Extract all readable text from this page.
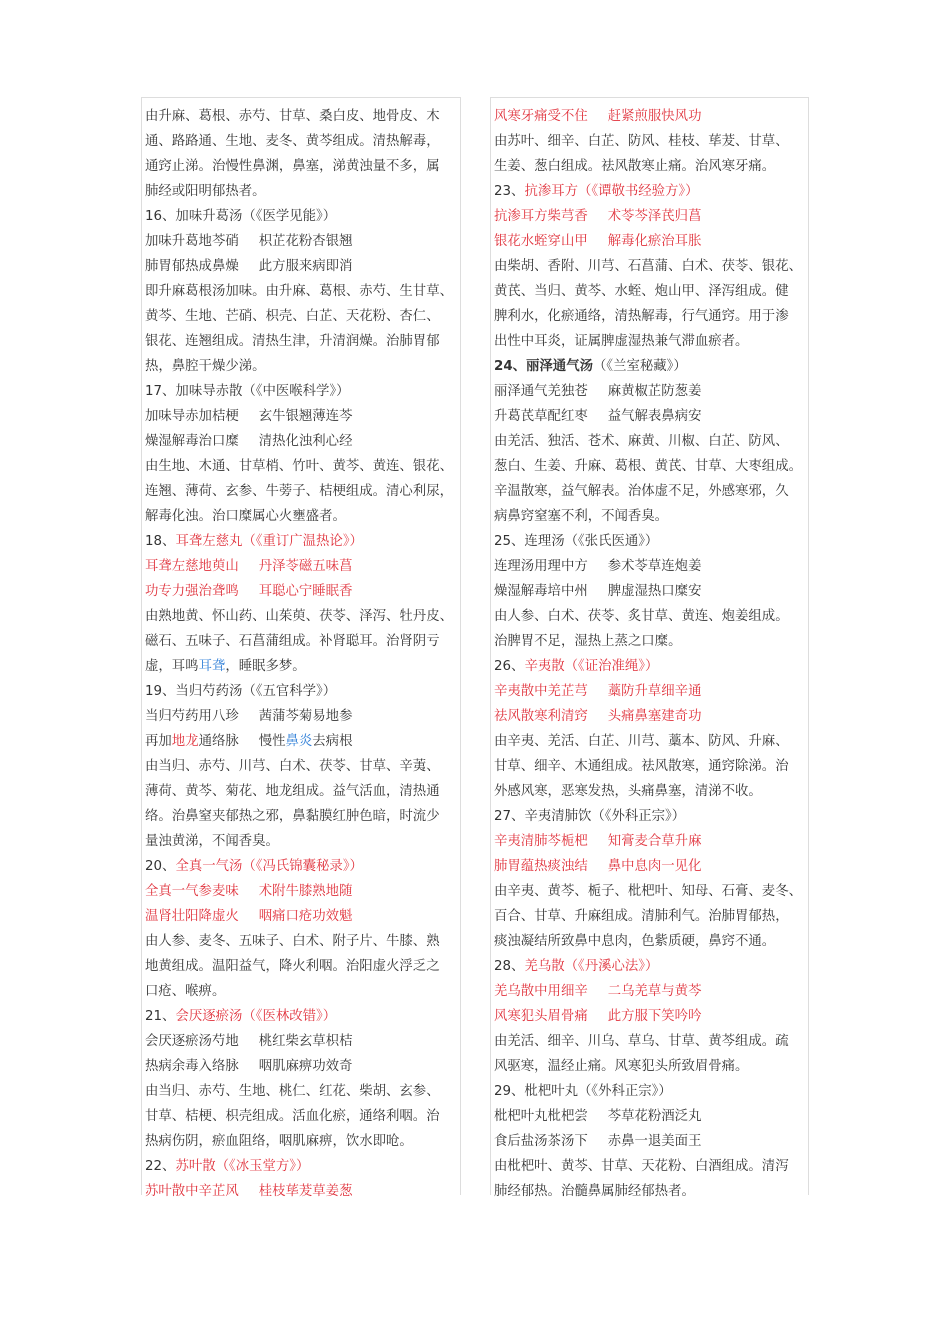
由升麻、葛根、赤芍、甘草、桑白皮、地骨皮、木
通、路路通、生地、麦冬、黄芩组成。清热解毒，
通窍止涕。治慢性鼻渊，鼻塞，涕黄浊量不多，属
肺经或阳明郁热者。
16、加味升葛汤（《医学见能》）
加味升葛地芩硝 枳芷花粉杏银翘
肺胃郁热成鼻燥 此方服来病即消
即升麻葛根汤加味。由升麻、葛根、赤芍、生甘草、
黄芩、生地、芒硝、枳壳、白芷、天花粉、杏仁、
银花、连翘组成。清热生津，升清润燥。治肺胃郁
热，鼻腔干燥少涕。
17、加味导赤散（《中医喉科学》）
加味导赤加桔梗 玄牛银翘薄连芩
燥湿解毒治口糜 清热化浊利心经
由生地、木通、甘草梢、竹叶、黄芩、黄连、银花、
连翘、薄荷、玄参、牛蒡子、桔梗组成。清心利尿，
解毒化浊。治口糜属心火壅盛者。
18、耳聋左慈丸（《重订广温热论》）
耳聋左慈地萸山 丹泽苓磁五味菖
功专力强治聋鸣 耳聪心宁睡眠香
由熟地黄、怀山药、山茱萸、茯苓、泽泻、牡丹皮、
磁石、五味子、石菖蒲组成。补肾聪耳。治肾阴亏
虚，耳鸣耳聋，睡眠多梦。
19、当归芍药汤（《五官科学》）
当归芍药用八珍 茜蒲芩菊易地参
再加地龙通络脉 慢性鼻炎去病根
由当归、赤芍、川芎、白术、茯苓、甘草、辛荑、
薄荷、黄芩、菊花、地龙组成。益气活血，清热通
络。治鼻窒夹郁热之邪，鼻黏膜红肿色暗，时流少
量浊黄涕，不闻香臭。
20、全真一气汤（《冯氏锦囊秘录》）
全真一气参麦味 术附牛膝熟地随
温肾壮阳降虚火 咽痛口疮功效魁
由人参、麦冬、五味子、白术、附子片、牛膝、熟
地黄组成。温阳益气，降火利咽。治阳虚火浮乏之
口疮、喉痹。
21、会厌逐瘀汤（《医林改错》）
会厌逐瘀汤芍地 桃红柴玄草枳桔
热病余毒入络脉 咽肌麻痹功效奇
由当归、赤芍、生地、桃仁、红花、柴胡、玄参、
甘草、桔梗、枳壳组成。活血化瘀，通络利咽。治
热病伤阴，瘀血阻络，咽肌麻痹，饮水即呛。
22、苏叶散（《冰玉堂方》）
苏叶散中辛芷风 桂枝荜茇草姜葱
风寒牙痛受不住 赶紧煎服快风功
由苏叶、细辛、白芷、防风、桂枝、荜茇、甘草、
生姜、葱白组成。祛风散寒止痛。治风寒牙痛。
23、抗渗耳方（《谭敬书经验方》）
抗渗耳方柴芎香 术苓芩泽芪归菖
银花水蛭穿山甲 解毒化瘀治耳胀
由柴胡、香附、川芎、石菖蒲、白术、茯苓、银花、
黄芪、当归、黄芩、水蛭、炮山甲、泽泻组成。健
脾利水，化瘀通络，清热解毒，行气通窍。用于渗
出性中耳炎，证属脾虚湿热兼气滞血瘀者。
24、丽泽通气汤（《兰室秘藏》）
丽泽通气羌独苍 麻黄椒芷防葱姜
升葛芪草配红枣 益气解表鼻病安
由羌活、独活、苍术、麻黄、川椒、白芷、防风、
葱白、生姜、升麻、葛根、黄芪、甘草、大枣组成。
辛温散寒，益气解表。治体虚不足，外感寒邪，久
病鼻窍窒塞不利，不闻香臭。
25、连理汤（《张氏医通》）
连理汤用理中方 参术苓草连炮姜
燥湿解毒培中州 脾虚湿热口糜安
由人参、白术、茯苓、炙甘草、黄连、炮姜组成。
治脾胃不足，湿热上蒸之口糜。
26、辛夷散（《证治准绳》）
辛夷散中羌芷芎 藁防升草细辛通
祛风散寒利清窍 头痛鼻塞建奇功
由辛夷、羌活、白芷、川芎、藁本、防风、升麻、
甘草、细辛、木通组成。祛风散寒，通窍除涕。治
外感风寒，恶寒发热，头痛鼻塞，清涕不收。
27、辛夷清肺饮（《外科正宗》）
辛夷清肺芩栀杷 知膏麦合草升麻
肺胃蕴热痰浊结 鼻中息肉一见化
由辛夷、黄芩、栀子、枇杷叶、知母、石膏、麦冬、
百合、甘草、升麻组成。清肺利气。治肺胃郁热，
痰浊凝结所致鼻中息肉，色紫质硬，鼻窍不通。
28、羌乌散（《丹溪心法》）
羌乌散中用细辛 二乌羌草与黄芩
风寒犯头眉骨痛 此方服下笑吟吟
由羌活、细辛、川乌、草乌、甘草、黄芩组成。疏
风驱寒，温经止痛。风寒犯头所致眉骨痛。
29、枇杷叶丸（《外科正宗》）
枇杷叶丸枇杷尝 芩草花粉酒泛丸
食后盐汤茶汤下 赤鼻一退美面王
由枇杷叶、黄芩、甘草、天花粉、白酒组成。清泻
肺经郁热。治髓鼻属肺经郁热者。
